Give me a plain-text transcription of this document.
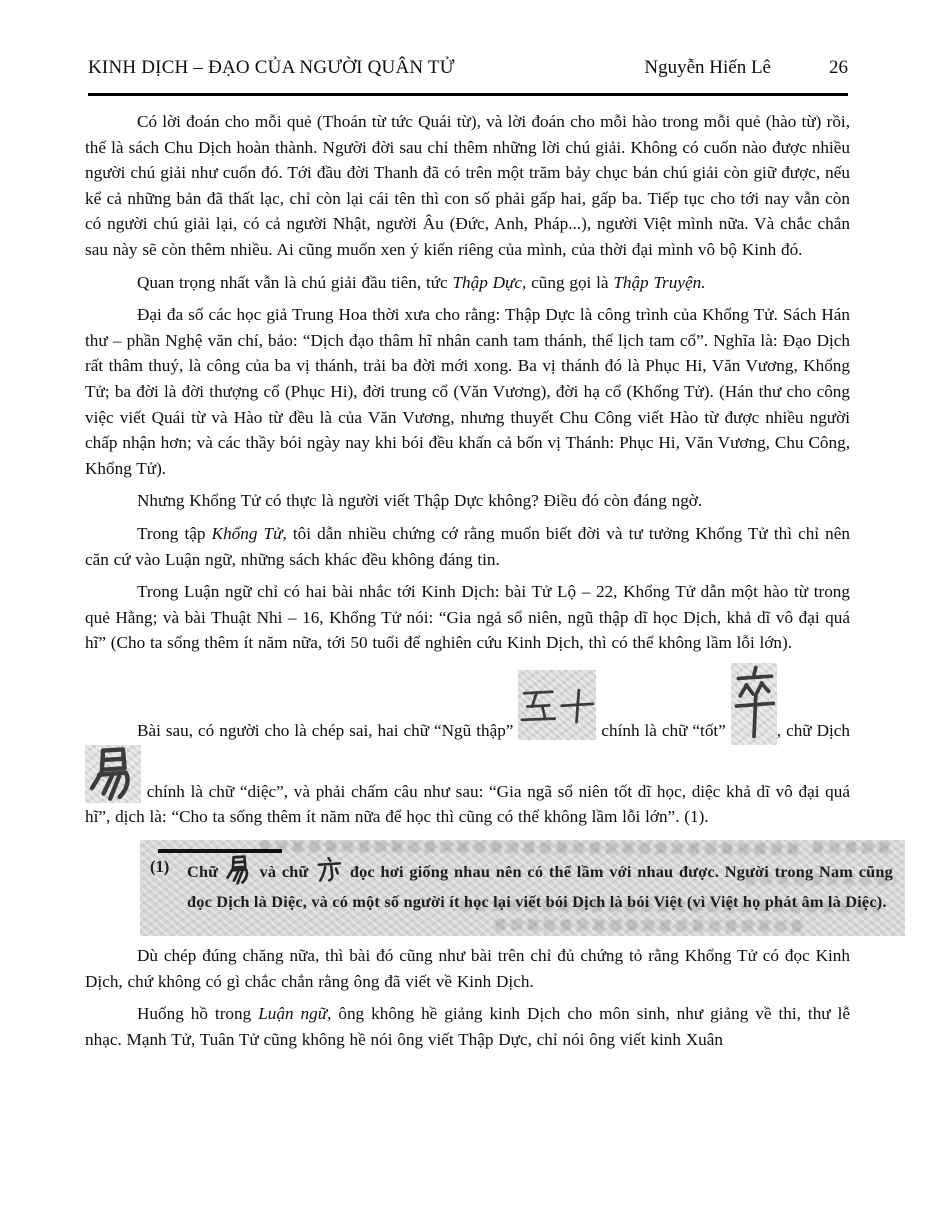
KINH DỊCH – ĐẠO CỦA NGƯỜI QUÂN TỬ	Nguyễn Hiến Lê	26

Có lời đoán cho mỗi quẻ (Thoán từ tức Quái từ), và lời đoán cho mỗi hào trong mỗi quẻ (hào từ) rồi, thế là sách Chu Dịch hoàn thành. Người đời sau chỉ thêm những lời chú giải. Không có cuốn nào được nhiều người chú giải như cuốn đó. Tới đầu đời Thanh đã có trên một trăm bảy chục bản chú giải còn giữ được, nếu kể cả những bản đã thất lạc, chỉ còn lại cái tên thì con số phải gấp hai, gấp ba. Tiếp tục cho tới nay vẫn còn có người chú giải lại, có cả người Nhật, người Âu (Đức, Anh, Pháp...), người Việt mình nữa. Và chắc chắn sau này sẽ còn thêm nhiều. Ai cũng muốn xen ý kiến riêng của mình, của thời đại mình vô bộ Kinh đó.

Quan trọng nhất vẫn là chú giải đầu tiên, tức Thập Dực, cũng gọi là Thập Truyện.

Đại đa số các học giả Trung Hoa thời xưa cho rằng: Thập Dực là công trình của Khổng Tử. Sách Hán thư – phần Nghệ văn chí, bảo: “Dịch đạo thâm hĩ nhân canh tam thánh, thế lịch tam cổ”. Nghĩa là: Đạo Dịch rất thâm thuý, là công của ba vị thánh, trải ba đời mới xong. Ba vị thánh đó là Phục Hi, Văn Vương, Khổng Tử; ba đời là đời thượng cổ (Phục Hi), đời trung cổ (Văn Vương), đời hạ cổ (Khổng Tử). (Hán thư cho công việc viết Quái từ và Hào từ đều là của Văn Vương, nhưng thuyết Chu Công viết Hào từ được nhiều người chấp nhận hơn; và các thầy bói ngày nay khi bói đều khấn cả bốn vị Thánh: Phục Hi, Văn Vương, Chu Công, Khổng Tử).

Nhưng Khổng Tử có thực là người viết Thập Dực không? Điều đó còn đáng ngờ.

Trong tập Khổng Tử, tôi dẫn nhiều chứng cớ rằng muốn biết đời và tư tưởng Khổng Tử thì chỉ nên căn cứ vào Luận ngữ, những sách khác đều không đáng tin.

Trong Luận ngữ chỉ có hai bài nhắc tới Kinh Dịch: bài Tử Lộ – 22, Khổng Tử dẫn một hào từ trong quẻ Hằng; và bài Thuật Nhi – 16, Khổng Tử nói: “Gia ngả sổ niên, ngũ thập dĩ học Dịch, khả dĩ vô đại quá hĩ” (Cho ta sống thêm ít năm nữa, tới 50 tuổi để nghiên cứu Kinh Dịch, thì có thể không lầm lỗi lớn).

Bài sau, có người cho là chép sai, hai chữ “Ngũ thập”	chính là chữ “tốt”	, chữ Dịch
chính là chữ “diệc”, và phải chấm câu như sau: “Gia ngã sổ niên tốt dĩ học, diệc khả dĩ vô đại quá hĩ”, dịch là: “Cho ta sống thêm ít năm nữa để học thì cũng có thể không lầm lỗi lớn”. (1).

(1) Chữ
và chữ
đọc hơi giống nhau nên có thể lầm với nhau được. Người trong Nam cũng đọc Dịch là Diệc, và có một số người ít học lại viết bói Dịch là bói Việt (vì Việt họ phát âm là Diệc).

Dù chép đúng chăng nữa, thì bài đó cũng như bài trên chỉ đủ chứng tỏ rằng Khổng Tử có đọc Kinh Dịch, chứ không có gì chắc chắn rằng ông đã viết về Kinh Dịch.

Huống hồ trong Luận ngữ, ông không hề giảng kinh Dịch cho môn sinh, như giảng về thi, thư lễ nhạc. Mạnh Tử, Tuân Tử cũng không hề nói ông viết Thập Dực, chỉ nói ông viết kinh Xuân
